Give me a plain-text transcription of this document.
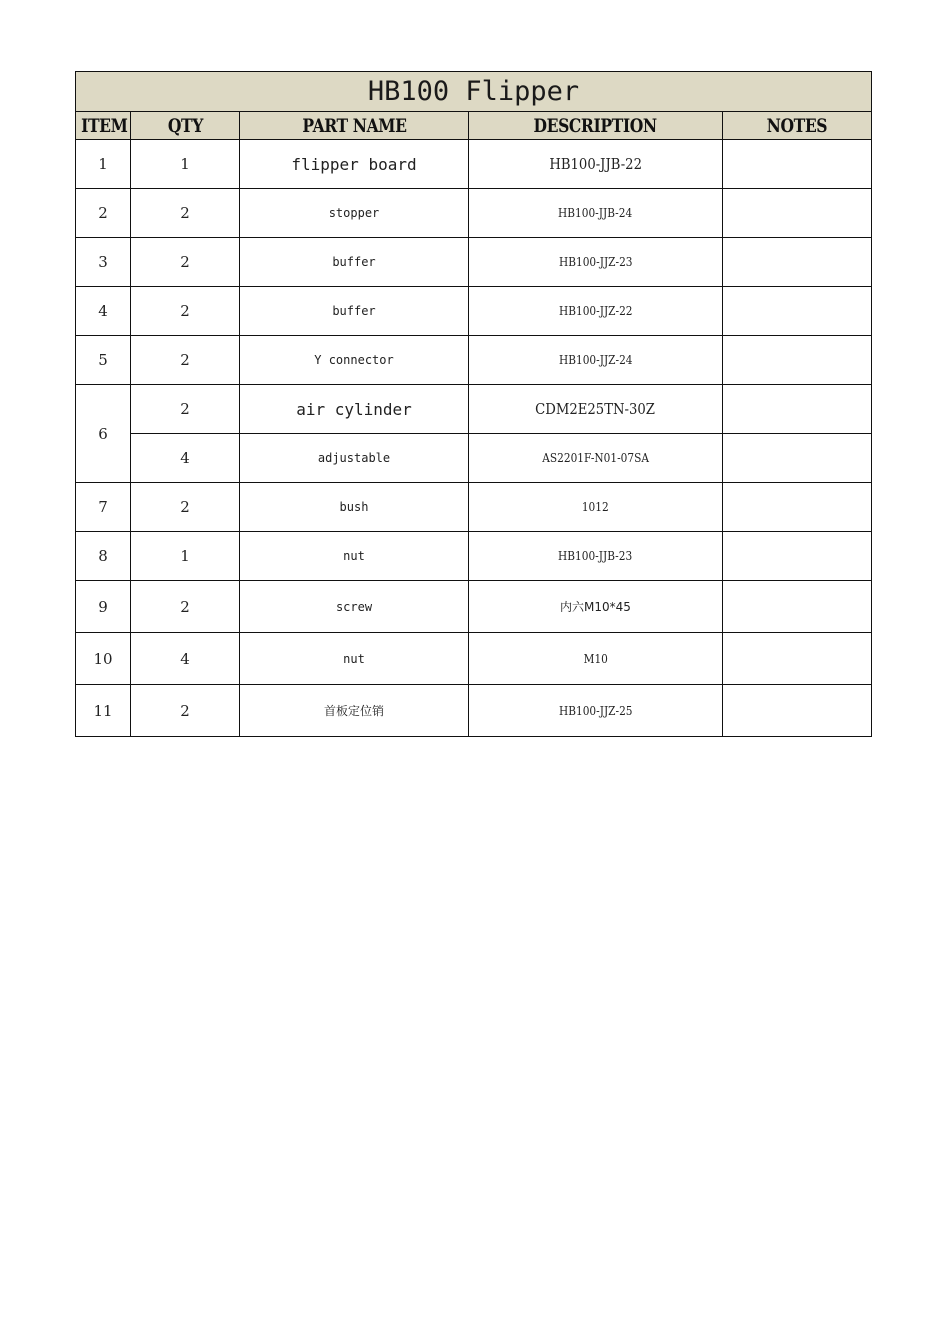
HB100 Flipper				
ITEM	QTY	PART NAME	DESCRIPTION	NOTES
1	1	flipper board	HB100-JJB-22	
2	2	stopper	HB100-JJB-24	
3	2	buffer	HB100-JJZ-23	
4	2	buffer	HB100-JJZ-22	
5	2	Y connector	HB100-JJZ-24	
6	2	air cylinder	CDM2E25TN-30Z	
	4	adjustable	AS2201F-N01-07SA	
7	2	bush	1012	
8	1	nut	HB100-JJB-23	
9	2	screw	内六M10*45	
10	4	nut	M10	
11	2	首板定位销	HB100-JJZ-25	
